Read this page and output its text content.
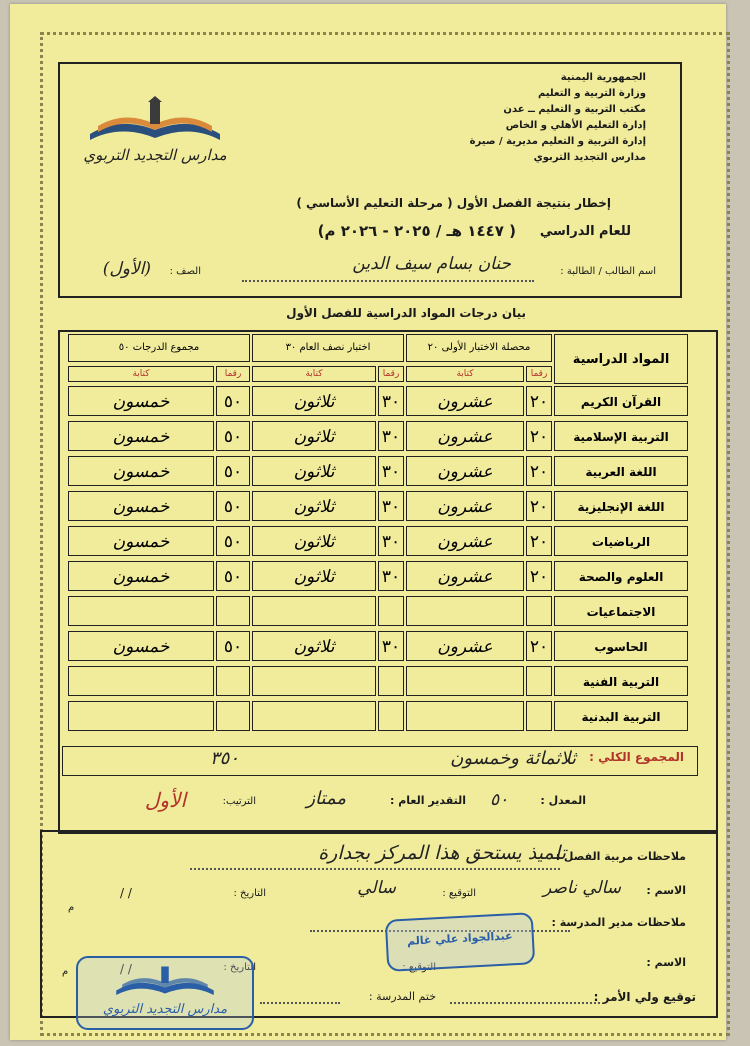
الجمهورية اليمنية
وزارة التربية و التعليم
مكتب التربية و التعليم ــ عدن
إدارة التعليم الأهلي و الخاص
إدارة التربية و التعليم مديرية / صيرة
مدارس التجديد التربوي
مدارس التجديد التربوي
إخطار بنتيجة الفصل الأول ( مرحلة التعليم الأساسي )
للعام الدراسي
( ١٤٤٧ هـ / ٢٠٢٥ - ٢٠٢٦ م)
اسم الطالب / الطالبة :
حنان بسام سيف الدين
الصف :
(الأول)
بيان درجات المواد الدراسية للفصل الأول
المواد الدراسية
محصلة الاختبار الأولى ٢٠
اختبار نصف العام ٣٠
مجموع الدرجات ٥٠
رقما
كتابة
رقما
كتابة
رقما
كتابة
القرآن الكريم
٢٠
عشرون
٣٠
ثلاثون
٥٠
خمسون
التربية الإسلامية
٢٠
عشرون
٣٠
ثلاثون
٥٠
خمسون
اللغة العربية
٢٠
عشرون
٣٠
ثلاثون
٥٠
خمسون
اللغة الإنجليزية
٢٠
عشرون
٣٠
ثلاثون
٥٠
خمسون
الرياضيات
٢٠
عشرون
٣٠
ثلاثون
٥٠
خمسون
العلوم والصحة
٢٠
عشرون
٣٠
ثلاثون
٥٠
خمسون
الاجتماعيات
الحاسوب
٢٠
عشرون
٣٠
ثلاثون
٥٠
خمسون
التربية الفنية
التربية البدنية
المجموع الكلي :
ثلاثمائة وخمسون
٣٥٠
المعدل :
٥٠
التقدير العام :
ممتاز
الترتيب:
الأول
ملاحظات مربية الفصل :
تلميذ يستحق هذا المركز بجدارة
الاسم :
سالي ناصر
التوقيع :
سالي
التاريخ :
/ /
م
ملاحظات مدير المدرسة :
الاسم :
التوقيع :
التاريخ :
/ /
م
توقيع ولي الأمر :
ختم المدرسة :
عبدالجواد علي غالم
مدارس التجديد التربوي
